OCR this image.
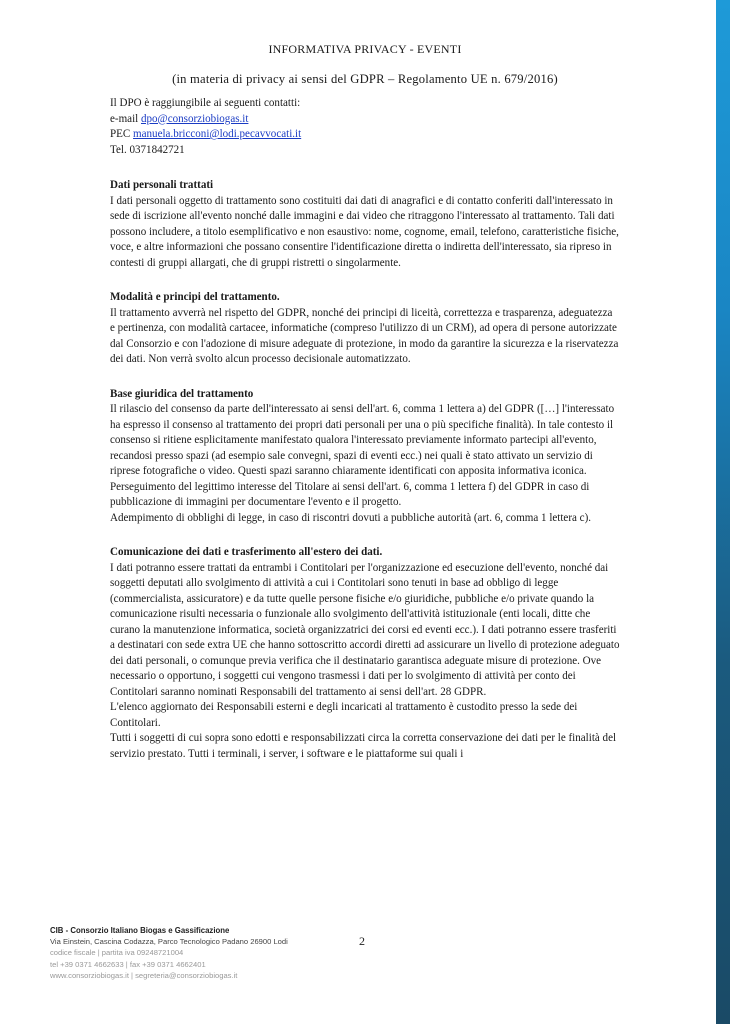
INFORMATIVA PRIVACY - EVENTI
(in materia di privacy ai sensi del GDPR – Regolamento UE n. 679/2016)

Il DPO è raggiungibile ai seguenti contatti:
e-mail dpo@consorziobiogas.it
PEC manuela.bricconi@lodi.pecavvocati.it
Tel. 0371842721

Dati personali trattati

I dati personali oggetto di trattamento sono costituiti dai dati di anagrafici e di contatto conferiti dall'interessato in sede di iscrizione all'evento nonché dalle immagini e dai video che ritraggono l'interessato al trattamento. Tali dati possono includere, a titolo esemplificativo e non esaustivo: nome, cognome, email, telefono, caratteristiche fisiche, voce, e altre informazioni che possano consentire l'identificazione diretta o indiretta dell'interessato, sia ripreso in contesti di gruppi allargati, che di gruppi ristretti o singolarmente.

Modalità e principi del trattamento.

Il trattamento avverrà nel rispetto del GDPR, nonché dei principi di liceità, correttezza e trasparenza, adeguatezza e pertinenza, con modalità cartacee, informatiche (compreso l'utilizzo di un CRM), ad opera di persone autorizzate dal Consorzio e con l'adozione di misure adeguate di protezione, in modo da garantire la sicurezza e la riservatezza dei dati. Non verrà svolto alcun processo decisionale automatizzato.

Base giuridica del trattamento

Il rilascio del consenso da parte dell'interessato ai sensi dell'art. 6, comma 1 lettera a) del GDPR ([…] l'interessato ha espresso il consenso al trattamento dei propri dati personali per una o più specifiche finalità). In tale contesto il consenso si ritiene esplicitamente manifestato qualora l'interessato previamente informato partecipi all'evento, recandosi presso spazi (ad esempio sale convegni, spazi di eventi ecc.) nei quali è stato attivato un servizio di riprese fotografiche o video. Questi spazi saranno chiaramente identificati con apposita informativa iconica.

Perseguimento del legittimo interesse del Titolare ai sensi dell'art. 6, comma 1 lettera f) del GDPR in caso di pubblicazione di immagini per documentare l'evento e il progetto.

Adempimento di obblighi di legge, in caso di riscontri dovuti a pubbliche autorità (art. 6, comma 1 lettera c).

Comunicazione dei dati e trasferimento all'estero dei dati.

I dati potranno essere trattati da entrambi i Contitolari per l'organizzazione ed esecuzione dell'evento, nonché dai soggetti deputati allo svolgimento di attività a cui i Contitolari sono tenuti in base ad obbligo di legge (commercialista, assicuratore) e da tutte quelle persone fisiche e/o giuridiche, pubbliche e/o private quando la comunicazione risulti necessaria o funzionale allo svolgimento dell'attività istituzionale (enti locali, ditte che curano la manutenzione informatica, società organizzatrici dei corsi ed eventi ecc.). I dati potranno essere trasferiti a destinatari con sede extra UE che hanno sottoscritto accordi diretti ad assicurare un livello di protezione adeguato dei dati personali, o comunque previa verifica che il destinatario garantisca adeguate misure di protezione. Ove necessario o opportuno, i soggetti cui vengono trasmessi i dati per lo svolgimento di attività per conto dei Contitolari saranno nominati Responsabili del trattamento ai sensi dell'art. 28 GDPR.

L'elenco aggiornato dei Responsabili esterni e degli incaricati al trattamento è custodito presso la sede dei Contitolari.

Tutti i soggetti di cui sopra sono edotti e responsabilizzati circa la corretta conservazione dei dati per le finalità del servizio prestato. Tutti i terminali, i server, i software e le piattaforme sui quali i

CIB - Consorzio Italiano Biogas e Gassificazione
Via Einstein, Cascina Codazza, Parco Tecnologico Padano 26900 Lodi
codice fiscale | partita iva 09248721004
tel +39 0371 4662633 | fax +39 0371 4662401
www.consorziobiogas.it | segreteria@consorziobiogas.it
2
